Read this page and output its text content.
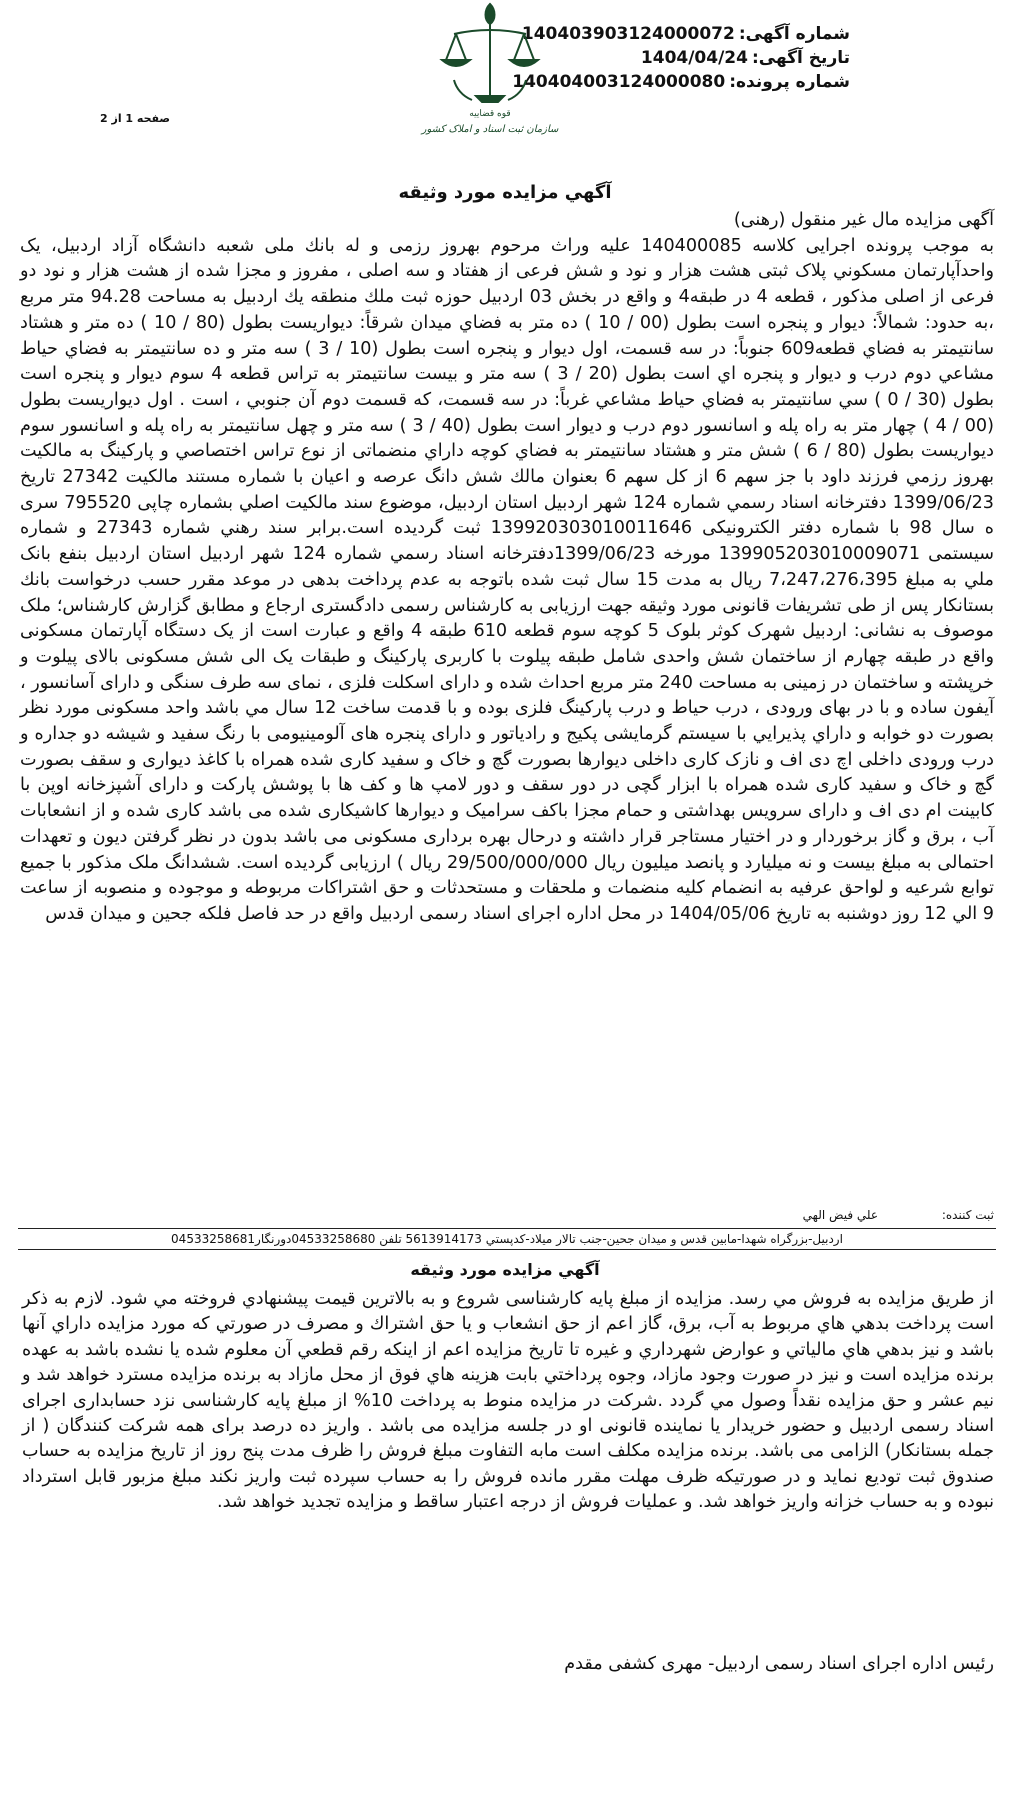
شماره آگهی:140403903124000072
تاریخ آگهی:1404/04/24
شماره پرونده:140404003124000080
صفحه 1 از 2	قوه قضاییه
سازمان ثبت اسناد و املاک کشور
آگهي مزايده مورد وثيقه

آگهی مزایده مال غیر منقول (رهنی)

به موجب پرونده اجرايى كلاسه 140400085 عليه وراث مرحوم بهروز رزمی و له بانك ملی شعبه دانشگاه آزاد اردبيل، یک واحدآپارتمان مسكوني پلاک ثبتی هشت هزار و نود و شش فرعی از هفتاد و سه اصلی ، مفروز و مجزا شده از هشت هزار و نود دو فرعی از اصلی مذکور ، قطعه 4 در طبقه4 و واقع در بخش 03 اردبيل حوزه ثبت ملك منطقه يك اردبيل به مساحت 94.28 متر مربع ،به حدود: شمالاً: دیوار و پنجره است بطول (00 / 10 ) ده متر به فضاي ميدان شرقاً: ديواريست بطول (80 / 10 ) ده متر و هشتاد سانتيمتر به فضاي قطعه609 جنوباً: در سه قسمت، اول ديوار و پنجره است بطول (10 / 3 ) سه متر و ده سانتيمتر به فضاي حياط مشاعي دوم درب و ديوار و پنجره اي است بطول (20 / 3 ) سه متر و بيست سانتيمتر به تراس قطعه 4 سوم ديوار و پنجره است بطول (30 / 0 ) سي سانتيمتر به فضاي حياط مشاعي غرباً: در سه قسمت، که قسمت دوم آن جنوبي ، است . اول ديواريست بطول (00 / 4 ) چهار متر به راه پله و اسانسور دوم درب و ديوار است بطول (40 / 3 ) سه متر و چهل سانتيمتر به راه پله و اسانسور سوم ديواريست بطول (80 / 6 ) شش متر و هشتاد سانتيمتر به فضاي كوچه داراي منضماتی از نوع تراس اختصاصي و پاركينگ به مالکيت بهروز رزمي فرزند داود با جز سهم 6 از كل سهم 6 بعنوان مالك شش دانگ عرصه و اعيان با شماره مستند مالكيت 27342 تاريخ 1399/06/23 دفترخانه اسناد رسمي شماره 124 شهر اردبيل استان اردبيل، موضوع سند مالکيت اصلي بشماره چاپی 795520 سری ه سال 98 با شماره دفتر الکترونیکی 139920303010011646 ثبت گرديده است.برابر سند رهني شماره 27343 و شماره سيستمی 139905203010009071 مورخه 1399/06/23دفترخانه اسناد رسمي شماره 124 شهر اردبيل استان اردبيل بنفع بانک ملي به مبلغ 7،247،276،395 ريال به مدت 15 سال ثبت شده باتوجه به عدم پرداخت بدهی در موعد مقرر حسب درخواست بانك بستانكار پس از طی تشريفات قانونی مورد وثيقه جهت ارزيابی به كارشناس رسمی دادگستری ارجاع و مطابق گزارش كارشناس؛ ملک موصوف به نشانی: اردبيل شهرک كوثر بلوک 5 كوچه سوم قطعه 610 طبقه 4 واقع و عبارت است از يک دستگاه آپارتمان مسكونی واقع در طبقه چهارم از ساختمان شش واحدی شامل طبقه پيلوت با كاربری پاركينگ و طبقات يک الی شش مسكونی بالای پيلوت و خرپشته و ساختمان در زمينی به مساحت 240 متر مربع احداث شده و دارای اسكلت فلزی ، نمای سه طرف سنگی و دارای آسانسور ، آيفون ساده و با در بهای ورودی ، درب حياط و درب پاركينگ فلزی بوده و با قدمت ساخت 12 سال مي باشد واحد مسكونی مورد نظر بصورت دو خوابه و داراي پذيرايي با سيستم گرمايشی پكيج و رادياتور و دارای پنجره های آلومينيومی با رنگ سفيد و شيشه دو جداره و درب ورودی داخلی اچ دی اف و نازک كاری داخلی ديوارها بصورت گچ و خاک و سفيد كاری شده همراه با كاغذ ديواری و سقف بصورت گچ و خاک و سفيد كاری شده همراه با ابزار گچی در دور سقف و دور لامپ ها و كف ها با پوشش پاركت و دارای آشپزخانه اوپن با كابينت ام دی اف و دارای سرويس بهداشتی و حمام مجزا باكف سراميک و ديوارها كاشيكاری شده می باشد كاری شده و از انشعابات آب ، برق و گاز برخوردار و در اختيار مستاجر قرار داشته و درحال بهره برداری مسكونی می باشد بدون در نظر گرفتن ديون و تعهدات احتمالی به مبلغ بيست و نه ميليارد و پانصد ميليون ريال 29/500/000/000 ريال ) ارزيابی گرديده است. ششدانگ ملک مذكور با جميع توابع شرعيه و لواحق عرفيه به انضمام كليه منضمات و ملحقات و مستحدثات و حق اشتراكات مربوطه و موجوده و منصوبه از ساعت 9 الي 12 روز دوشنبه به تاريخ 1404/05/06 در محل اداره اجرای اسناد رسمی اردبيل واقع در حد فاصل فلكه جحين و ميدان قدس

ثبت كننده: علي فيض الهي
اردبيل-بزرگراه شهدا-مابين قدس و ميدان جحين-جنب تالار ميلاد-كدپستي 5613914173 تلفن 04533258680دورنگار04533258681
آگهي مزايده مورد وثيقه

از طريق مزايده به فروش مي رسد. مزايده از مبلغ پايه كارشناسی شروع و به بالاترين قيمت پيشنهادي فروخته مي شود. لازم به ذكر است پرداخت بدهي هاي مربوط به آب، برق، گاز اعم از حق انشعاب و يا حق اشتراك و مصرف در صورتي كه مورد مزايده داراي آنها باشد و نيز بدهي هاي مالياتي و عوارض شهرداري و غيره تا تاريخ مزايده اعم از اينكه رقم قطعي آن معلوم شده يا نشده باشد به عهده برنده مزايده است و نيز در صورت وجود مازاد، وجوه پرداختي بابت هزينه هاي فوق از محل مازاد به برنده مزايده مسترد خواهد شد و نيم عشر و حق مزايده نقداً وصول مي گردد .شركت در مزايده منوط به پرداخت 10% از مبلغ پايه كارشناسی نزد حسابداری اجرای اسناد رسمی اردبيل و حضور خريدار يا نماينده قانونی او در جلسه مزايده می باشد . واريز ده درصد برای همه شركت كنندگان ( از جمله بستانكار) الزامی می باشد. برنده مزايده مكلف است مابه التفاوت مبلغ فروش را ظرف مدت پنج روز از تاريخ مزايده به حساب صندوق ثبت توديع نمايد و در صورتيكه ظرف مهلت مقرر مانده فروش را به حساب سپرده ثبت واريز نكند مبلغ مزبور قابل استرداد نبوده و به حساب خزانه واريز خواهد شد. و عمليات فروش از درجه اعتبار ساقط و مزايده تجديد خواهد شد.

رئيس اداره اجرای اسناد رسمی اردبيل- مهری كشفی مقدم
